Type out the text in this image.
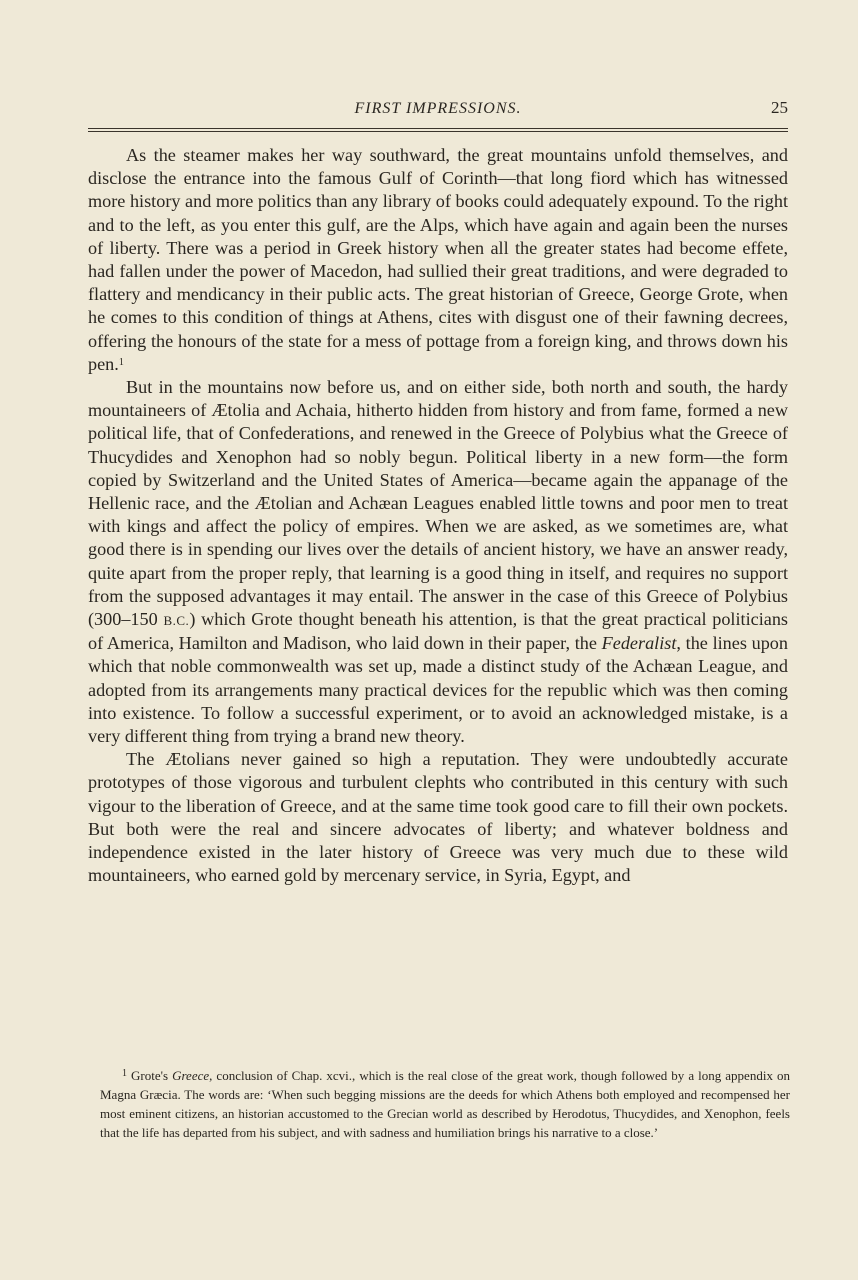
FIRST IMPRESSIONS.	25

As the steamer makes her way southward, the great mountains unfold themselves, and disclose the entrance into the famous Gulf of Corinth—that long fiord which has witnessed more history and more politics than any library of books could adequately expound. To the right and to the left, as you enter this gulf, are the Alps, which have again and again been the nurses of liberty. There was a period in Greek history when all the greater states had become effete, had fallen under the power of Macedon, had sullied their great traditions, and were degraded to flattery and mendicancy in their public acts. The great historian of Greece, George Grote, when he comes to this condition of things at Athens, cites with disgust one of their fawning decrees, offering the honours of the state for a mess of pottage from a foreign king, and throws down his pen.$^1$

But in the mountains now before us, and on either side, both north and south, the hardy mountaineers of Ætolia and Achaia, hitherto hidden from history and from fame, formed a new political life, that of Confederations, and renewed in the Greece of Polybius what the Greece of Thucydides and Xenophon had so nobly begun. Political liberty in a new form—the form copied by Switzerland and the United States of America—became again the appanage of the Hellenic race, and the Ætolian and Achæan Leagues enabled little towns and poor men to treat with kings and affect the policy of empires. When we are asked, as we sometimes are, what good there is in spending our lives over the details of ancient history, we have an answer ready, quite apart from the proper reply, that learning is a good thing in itself, and requires no support from the supposed advantages it may entail. The answer in the case of this Greece of Polybius (300–150 B.C.) which Grote thought beneath his attention, is that the great practical politicians of America, Hamilton and Madison, who laid down in their paper, the Federalist, the lines upon which that noble commonwealth was set up, made a distinct study of the Achæan League, and adopted from its arrangements many practical devices for the republic which was then coming into existence. To follow a successful experiment, or to avoid an acknowledged mistake, is a very different thing from trying a brand new theory.

The Ætolians never gained so high a reputation. They were undoubtedly accurate prototypes of those vigorous and turbulent clephts who contributed in this century with such vigour to the liberation of Greece, and at the same time took good care to fill their own pockets. But both were the real and sincere advocates of liberty; and whatever boldness and independence existed in the later history of Greece was very much due to these wild mountaineers, who earned gold by mercenary service, in Syria, Egypt, and

$^1$ Grote's Greece, conclusion of Chap. xcvi., which is the real close of the great work, though followed by a long appendix on Magna Græcia. The words are: ‘When such begging missions are the deeds for which Athens both employed and recompensed her most eminent citizens, an historian accustomed to the Grecian world as described by Herodotus, Thucydides, and Xenophon, feels that the life has departed from his subject, and with sadness and humiliation brings his narrative to a close.’
